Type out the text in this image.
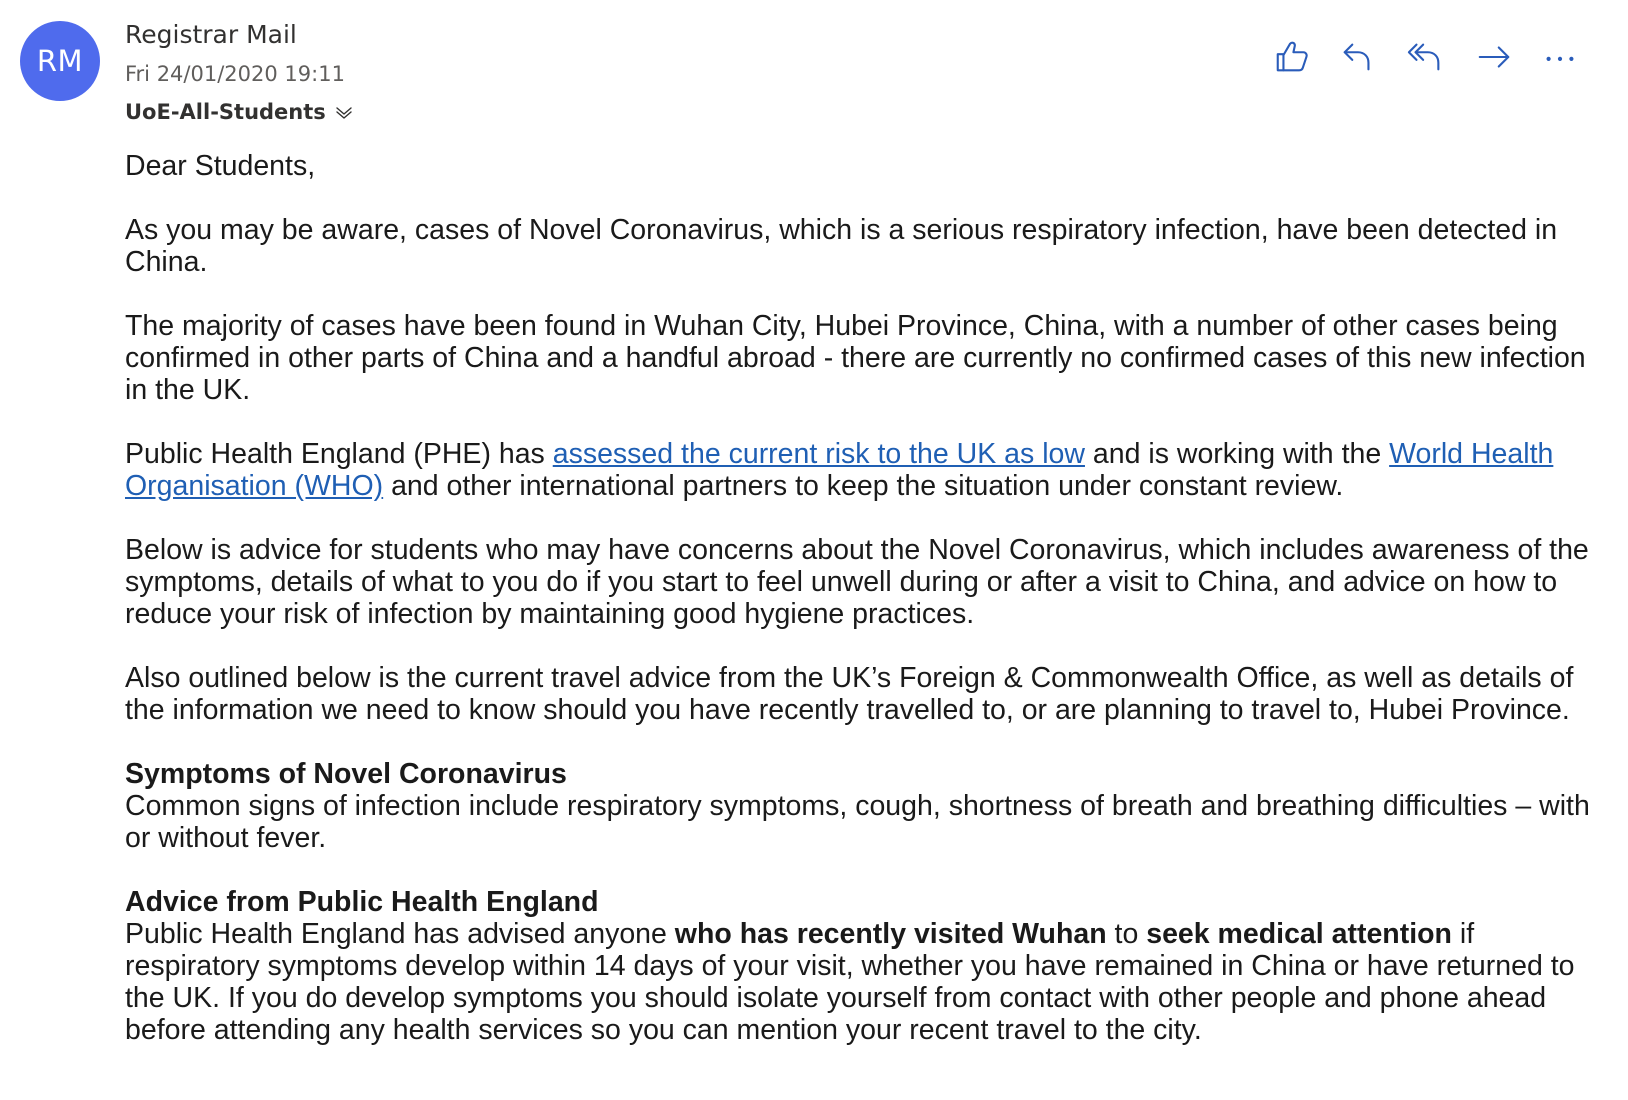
RM
Registrar Mail
Fri 24/01/2020 19:11
UoE-All-Students

Dear Students,

As you may be aware, cases of Novel Coronavirus, which is a serious respiratory infection, have been detected in China.

The majority of cases have been found in Wuhan City, Hubei Province, China, with a number of other cases being confirmed in other parts of China and a handful abroad - there are currently no confirmed cases of this new infection in the UK.

Public Health England (PHE) has assessed the current risk to the UK as low and is working with the World Health Organisation (WHO) and other international partners to keep the situation under constant review.

Below is advice for students who may have concerns about the Novel Coronavirus, which includes awareness of the symptoms, details of what to you do if you start to feel unwell during or after a visit to China, and advice on how to reduce your risk of infection by maintaining good hygiene practices.

Also outlined below is the current travel advice from the UK’s Foreign & Commonwealth Office, as well as details of the information we need to know should you have recently travelled to, or are planning to travel to, Hubei Province.

Symptoms of Novel Coronavirus
Common signs of infection include respiratory symptoms, cough, shortness of breath and breathing difficulties – with or without fever.

Advice from Public Health England
Public Health England has advised anyone who has recently visited Wuhan to seek medical attention if respiratory symptoms develop within 14 days of your visit, whether you have remained in China or have returned to the UK. If you do develop symptoms you should isolate yourself from contact with other people and phone ahead before attending any health services so you can mention your recent travel to the city.
